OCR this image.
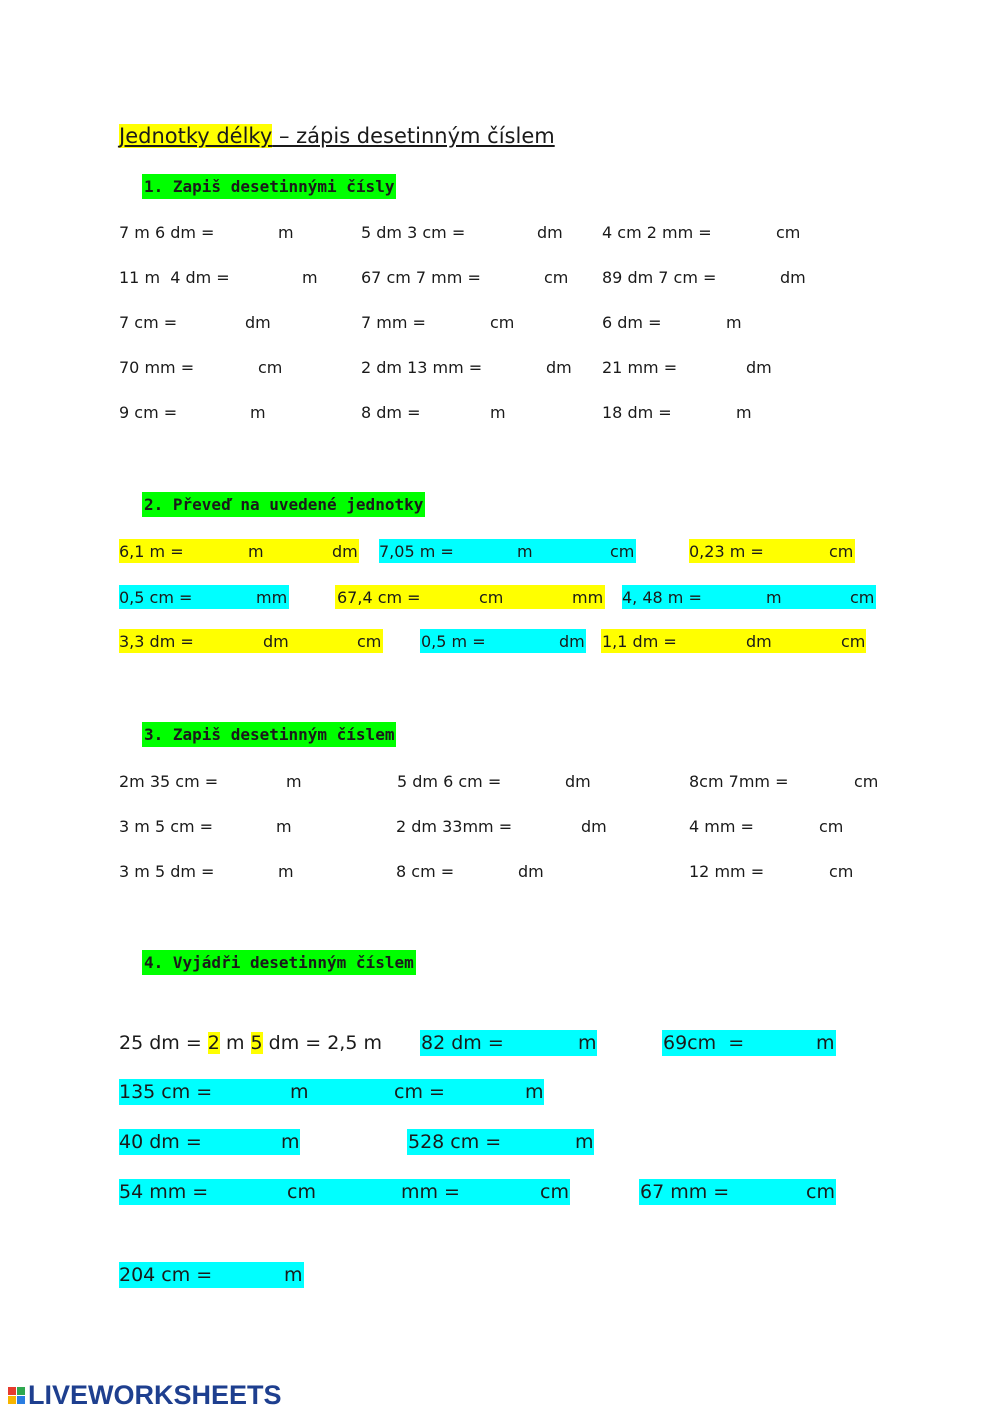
Jednotky délky – zápis desetinným číslem
1. Zapiš desetinnými čísly
7 m 6 dm =	m	5 dm 3 cm =	dm 4 cm 2 mm =	cm
11 m  4 dm =	m	67 cm 7 mm =	cm 89 dm 7 cm =	dm
7 cm =	dm	7 mm =	cm	6 dm =	m
70 mm =	cm	2 dm 13 mm =	dm 21 mm =	dm
9 cm =	m	8 dm =	m	18 dm =	m
2. Převeď na uvedené jednotky
6,1 m =	m	dm 7,05 m =	m	cm	0,23 m =	cm
0,5 cm =	mm	67,4 cm =	cm	mm 4, 48 m =	m	cm
3,3 dm =	dm	cm 0,5 m =	dm 1,1 dm =	dm	cm
3. Zapiš desetinným číslem
2m 35 cm =	m	5 dm 6 cm =	dm	8cm 7mm =	cm
3 m 5 cm =	m	2 dm 33mm =	dm	4 mm =	cm
3 m 5 dm =	m	8 cm =	dm	12 mm =	cm
4. Vyjádři desetinným číslem
25 dm = 2 m 5 dm = 2,5 m 82 dm =	m	69cm  =	m
135 cm =	m	cm =	m
40 dm =	m	528 cm =	m
54 mm =	cm	mm =	cm	67 mm =	cm
204 cm =	m
LIVEWORKSHEETS
